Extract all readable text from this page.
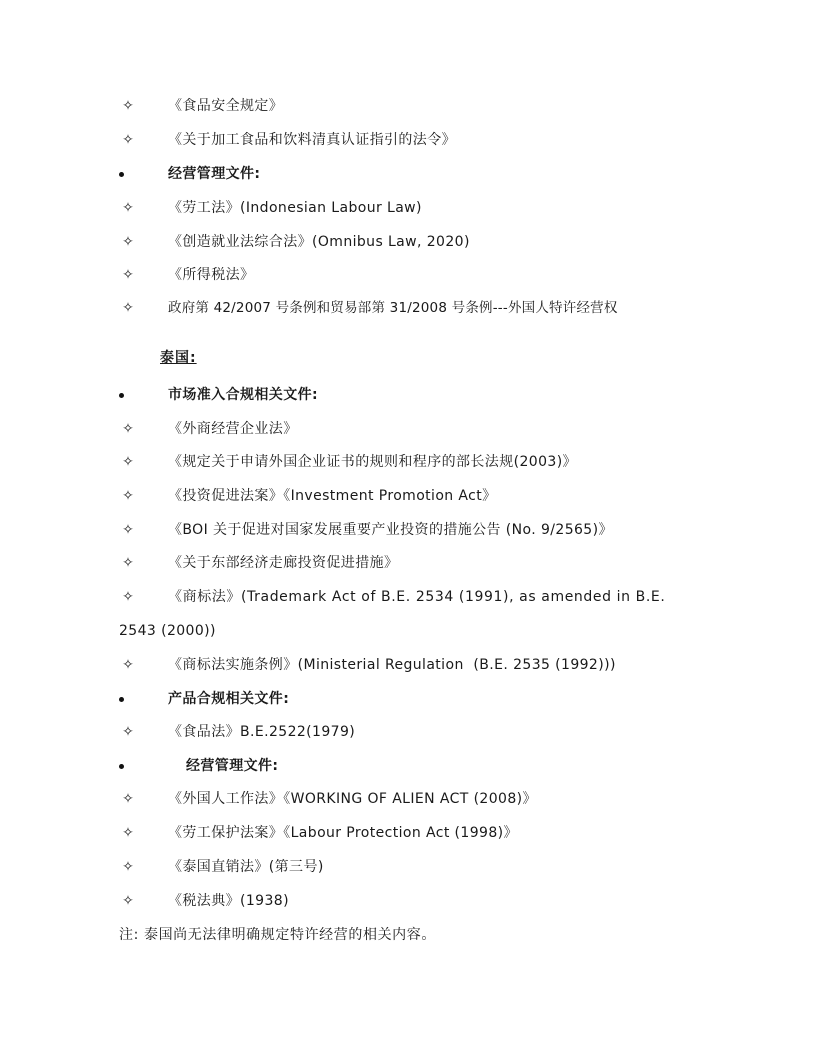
✧ 《食品安全规定》
✧ 《关于加工食品和饮料清真认证指引的法令》
经营管理文件:
✧ 《劳工法》(Indonesian Labour Law)
✧ 《创造就业法综合法》(Omnibus Law, 2020)
✧ 《所得税法》
✧	政府第 42/2007 号条例和贸易部第 31/2008 号条例---外国人特许经营权
泰国:
市场准入合规相关文件:
✧ 《外商经营企业法》
✧ 《规定关于申请外国企业证书的规则和程序的部长法规(2003)》
✧ 《投资促进法案》《Investment Promotion Act》
✧ 《BOI 关于促进对国家发展重要产业投资的措施公告 (No. 9/2565)》
✧ 《关于东部经济走廊投资促进措施》
✧ 《商标法》(Trademark Act of B.E. 2534 (1991), as amended in B.E.
2543 (2000))
✧ 《商标法实施条例》(Ministerial Regulation  (B.E. 2535 (1992)))
产品合规相关文件:
✧ 《食品法》B.E.2522(1979)
经营管理文件:
✧ 《外国人工作法》《WORKING OF ALIEN ACT (2008)》
✧ 《劳工保护法案》《Labour Protection Act (1998)》
✧ 《泰国直销法》(第三号)
✧ 《税法典》(1938)
注: 泰国尚无法律明确规定特许经营的相关内容。
